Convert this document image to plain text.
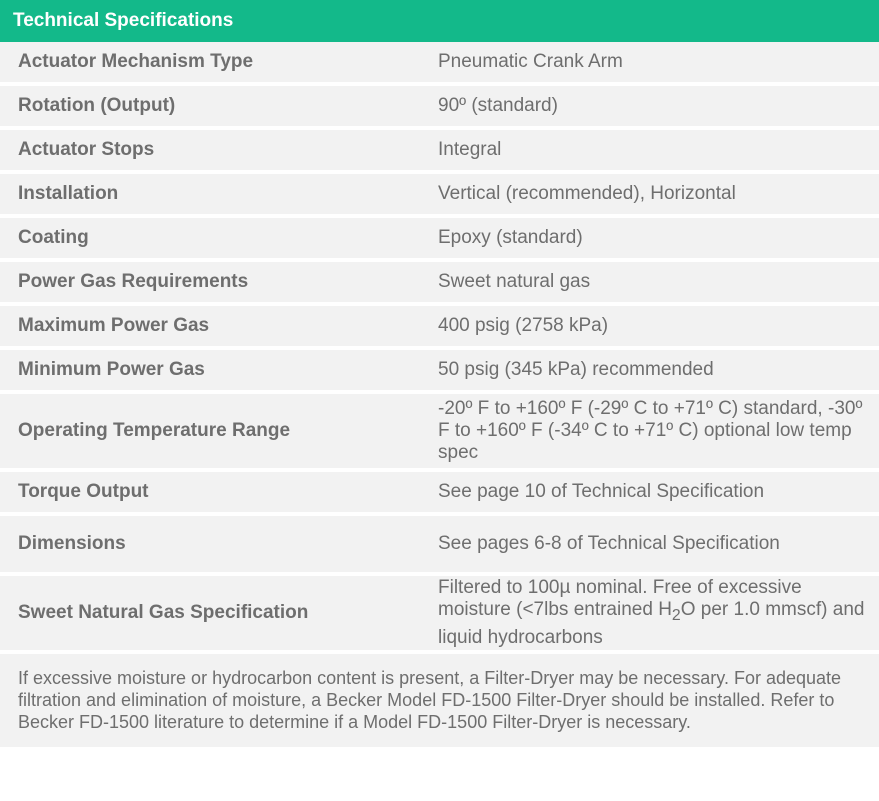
Technical Specifications	
Actuator Mechanism Type	Pneumatic Crank Arm
Rotation (Output)	90º (standard)
Actuator Stops	Integral
Installation	Vertical (recommended), Horizontal
Coating	Epoxy (standard)
Power Gas Requirements	Sweet natural gas
Maximum Power Gas	400 psig (2758 kPa)
Minimum Power Gas	50 psig (345 kPa) recommended
Operating Temperature Range	-20º F to +160º F (-29º C to +71º C) standard, -30º F to +160º F (-34º C to +71º C) optional low temp spec
Torque Output	See page 10 of Technical Specification
Dimensions	See pages 6-8 of Technical Specification
Sweet Natural Gas Specification	Filtered to 100µ nominal. Free of excessive moisture (<7lbs entrained $H_2O$ per 1.0 mmscf) and liquid hydrocarbons

If excessive moisture or hydrocarbon content is present, a Filter-Dryer may be necessary. For adequate filtration and elimination of moisture, a Becker Model FD-1500 Filter-Dryer should be installed. Refer to Becker FD-1500 literature to determine if a Model FD-1500 Filter-Dryer is necessary.	
